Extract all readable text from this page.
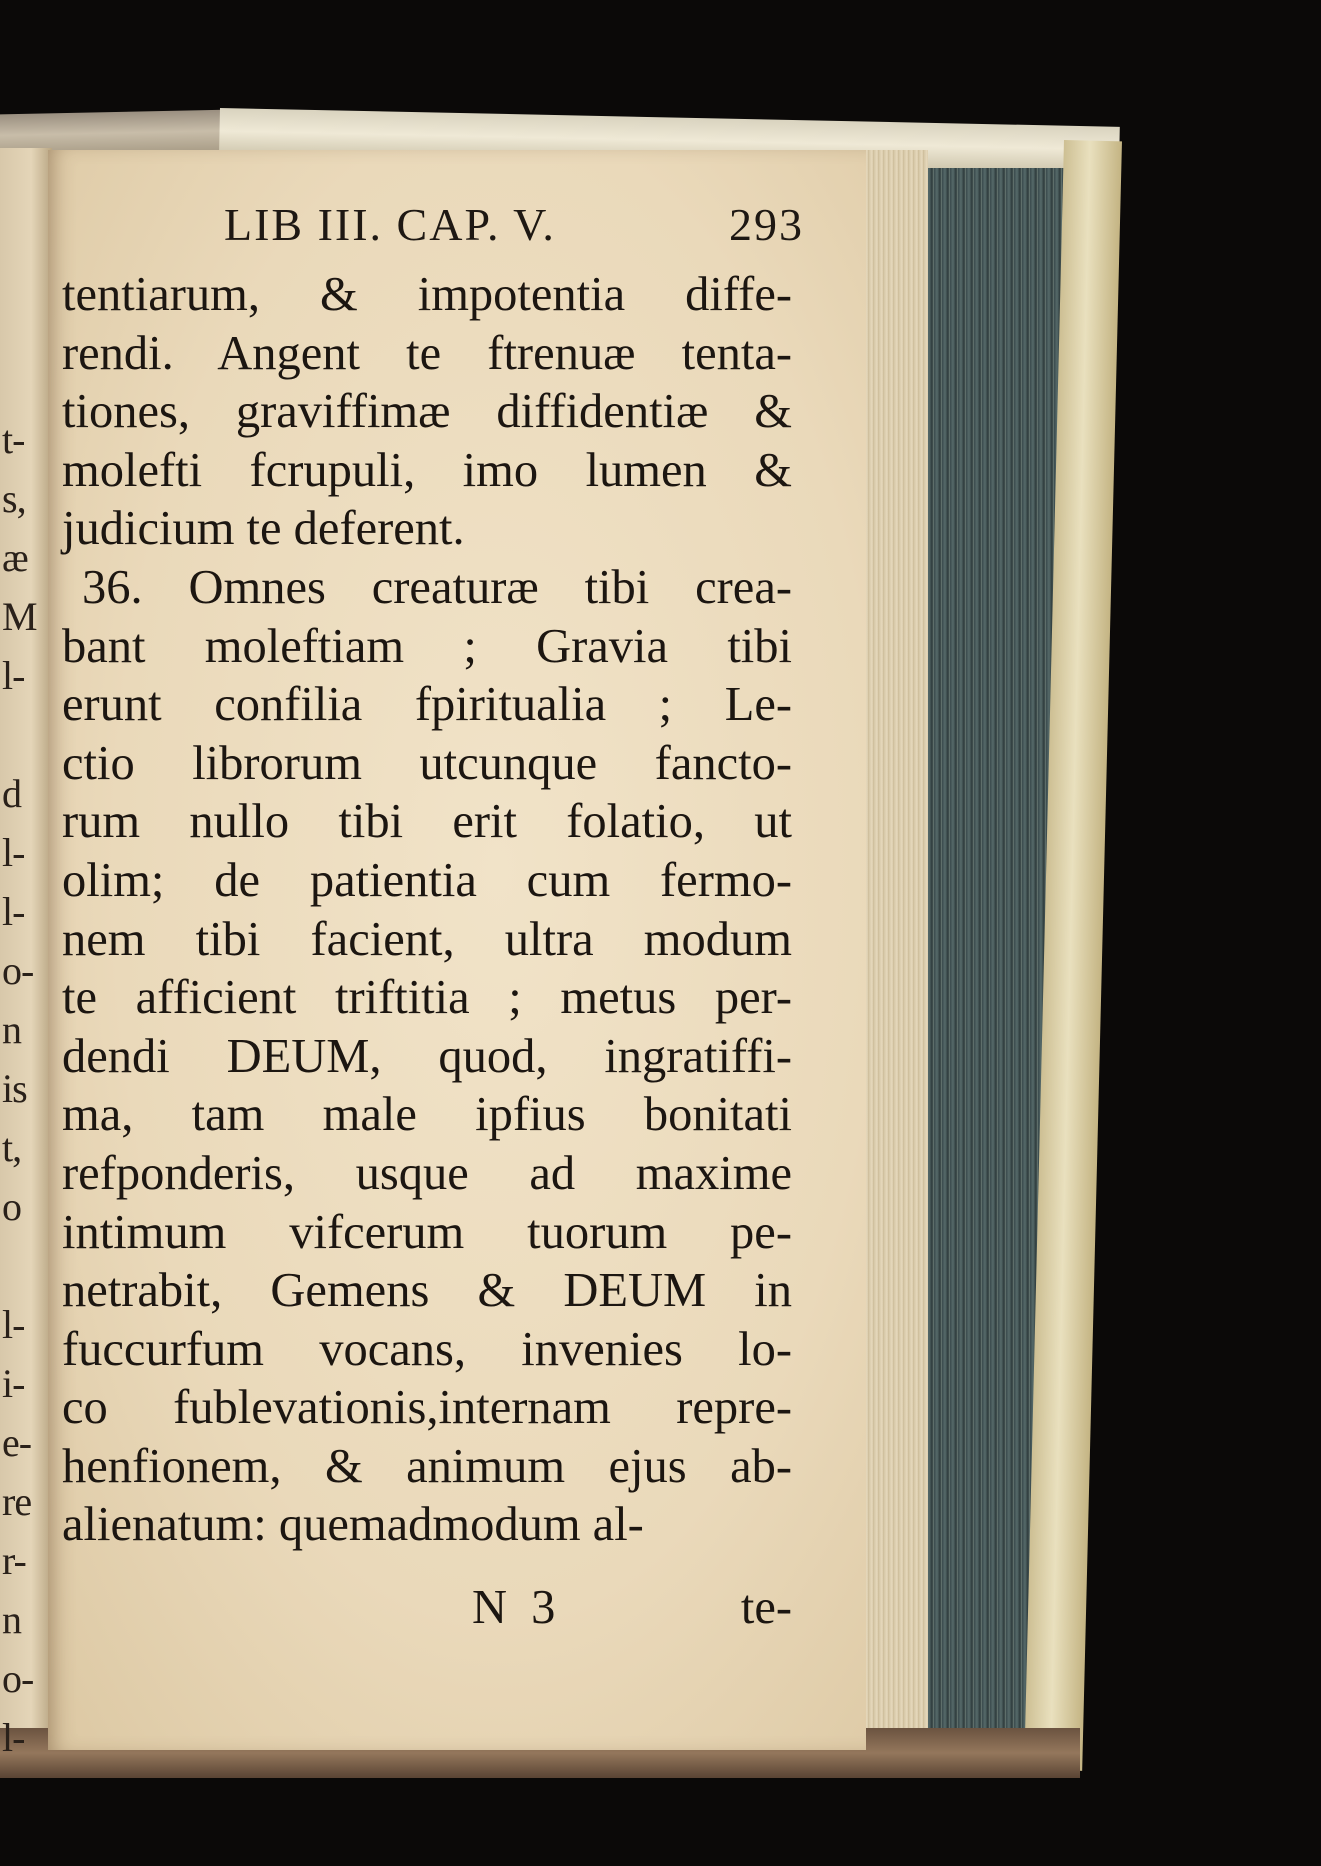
t-
s,
æ
M
l-
d
l-
l-
o-
n
is
t,
o
l-
i-
e-
re
r-
n
o-
l-
LIB III. CAP. V.	293
tentiarum, & impotentia diffe-
rendi. Angent te ftrenuæ tenta-
tiones, graviffimæ diffidentiæ &
molefti fcrupuli, imo lumen &
judicium te deferent.
36. Omnes creaturæ tibi crea-
bant moleftiam ; Gravia tibi
erunt confilia fpiritualia ; Le-
ctio librorum utcunque fancto-
rum nullo tibi erit folatio, ut
olim; de patientia cum fermo-
nem tibi facient, ultra modum
te afficient triftitia ; metus per-
dendi DEUM, quod, ingratiffi-
ma, tam male ipfius bonitati
refponderis, usque ad maxime
intimum vifcerum tuorum pe-
netrabit, Gemens & DEUM in
fuccurfum vocans, invenies lo-
co fublevationis,internam repre-
henfionem, & animum ejus ab-
alienatum: quemadmodum al-
N 3	te-
